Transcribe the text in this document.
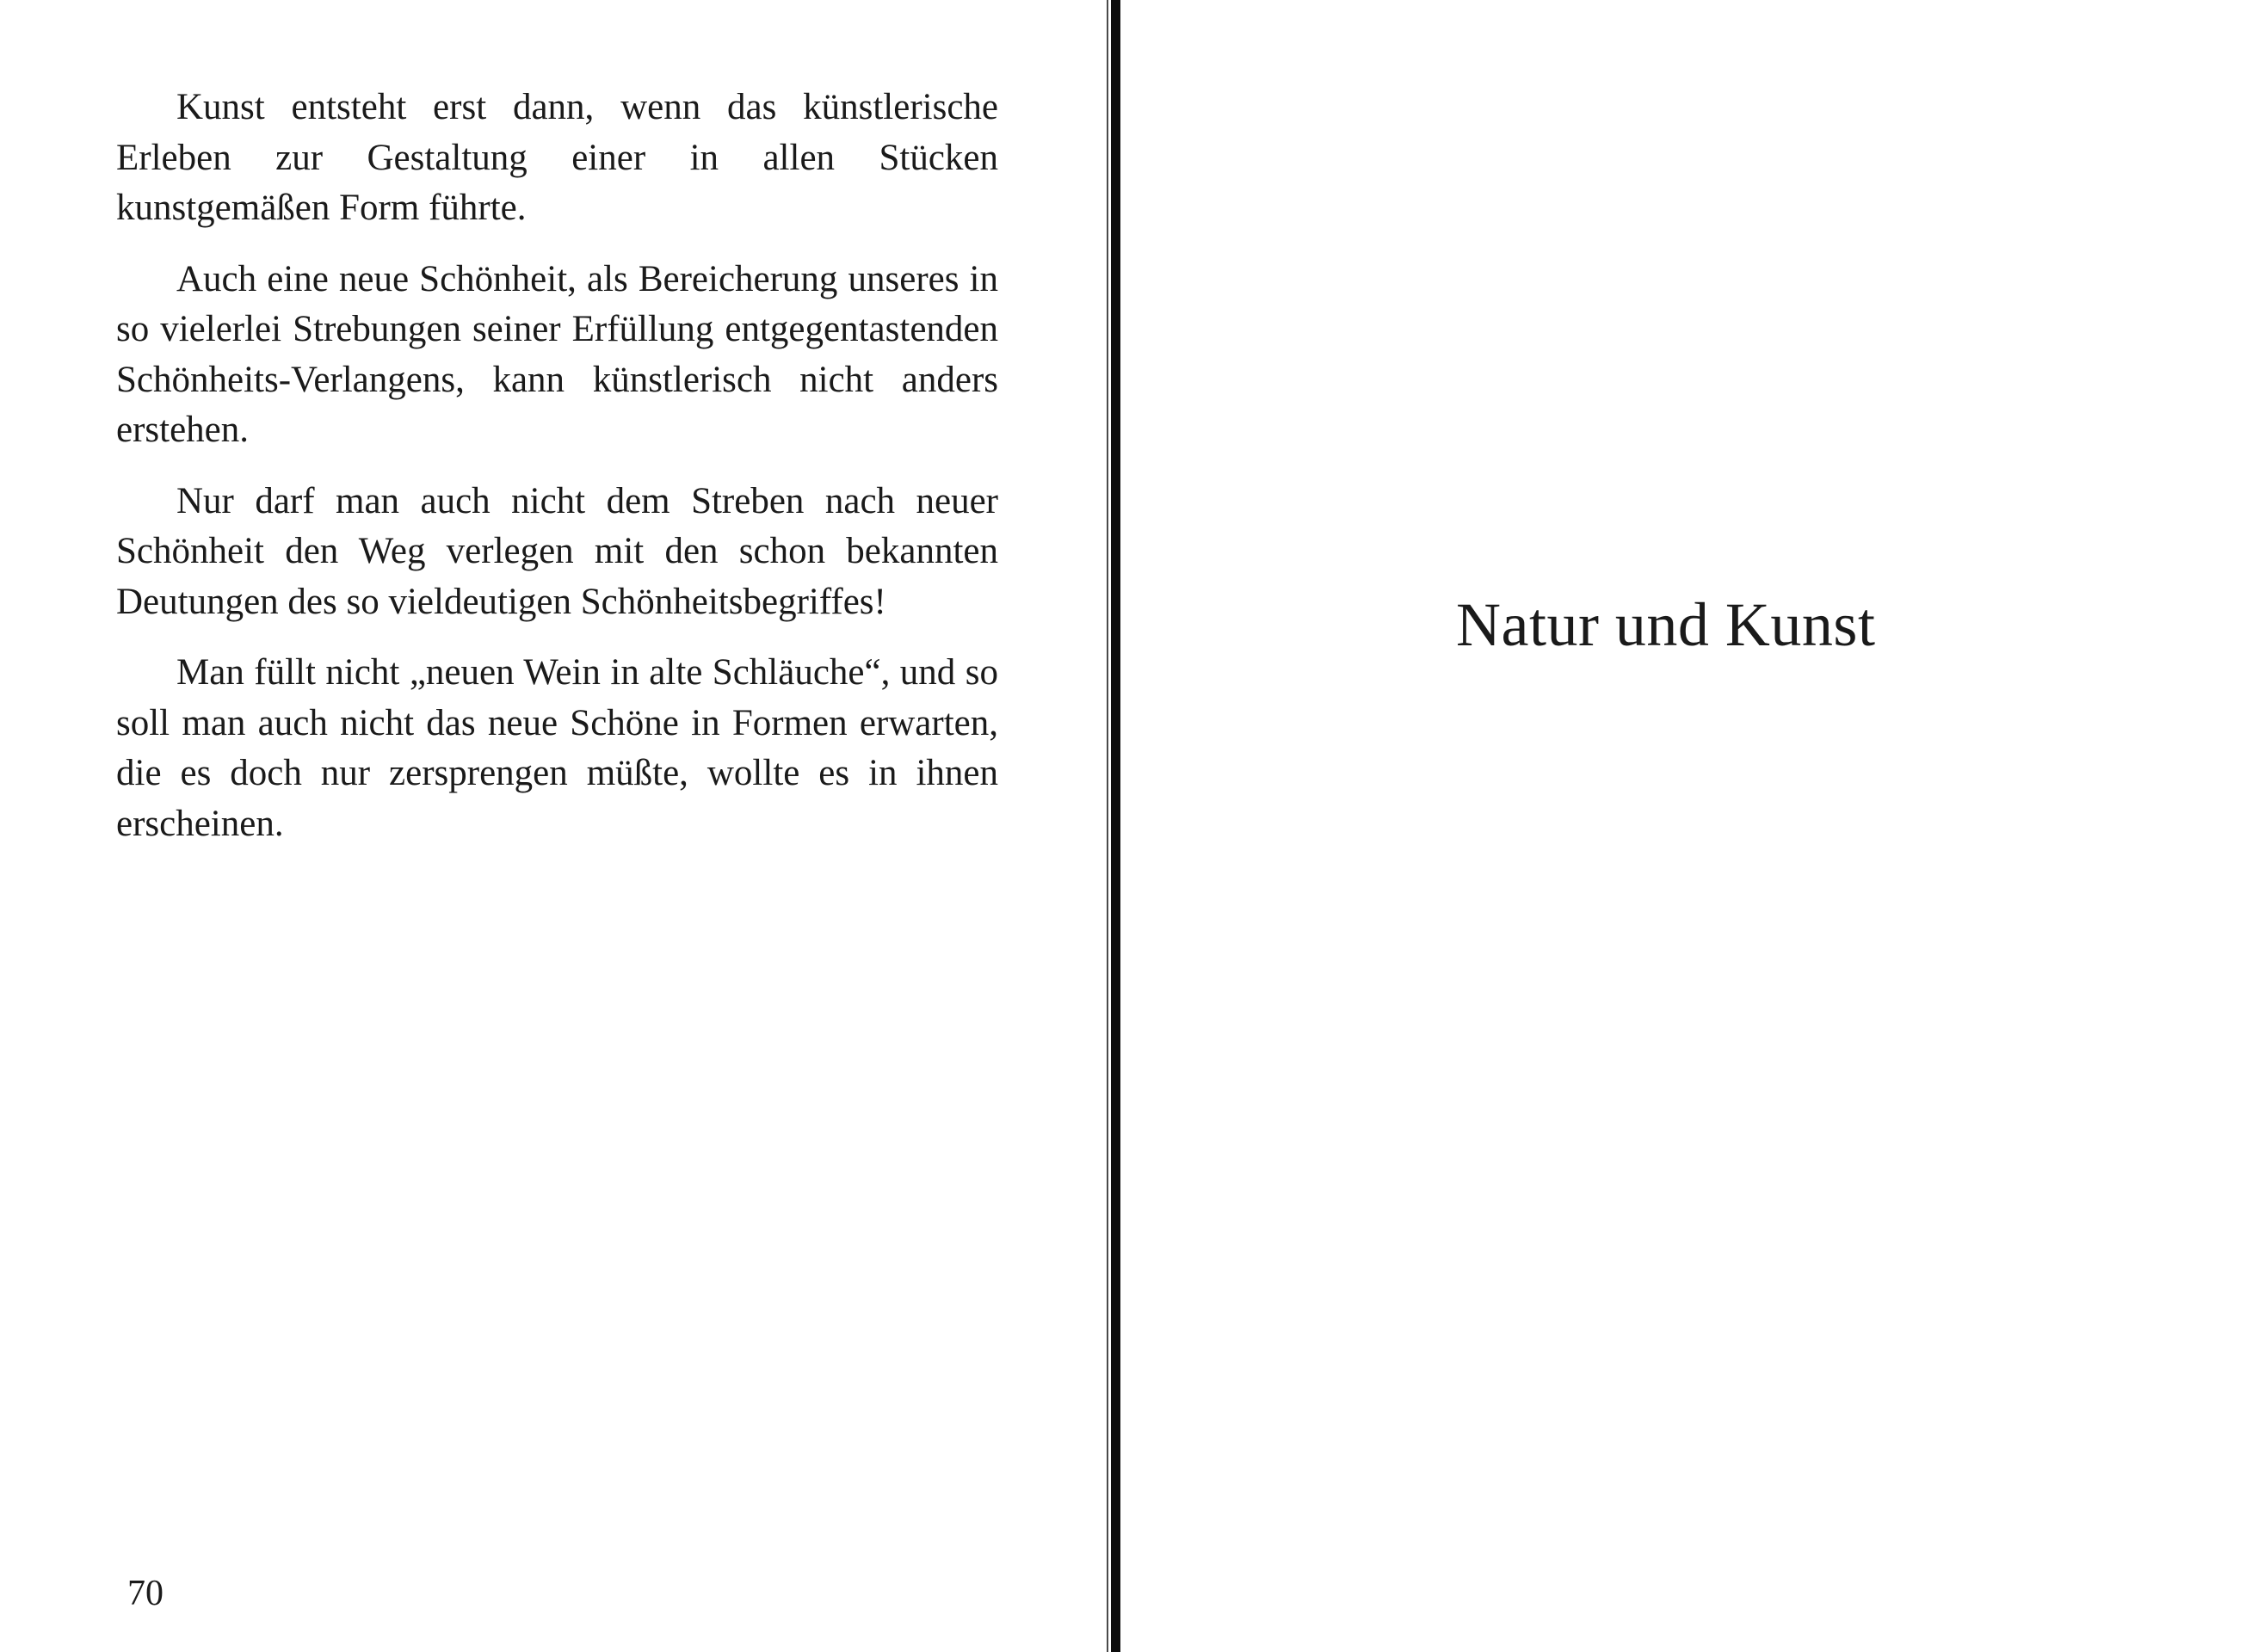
Kunst entsteht erst dann, wenn das künstlerische Erleben zur Gestaltung einer in allen Stücken kunstgemäßen Form führte.

Auch eine neue Schönheit, als Bereicherung unseres in so vielerlei Strebungen seiner Erfüllung entgegentastenden Schönheits-Verlangens, kann künstlerisch nicht anders erstehen.

Nur darf man auch nicht dem Streben nach neuer Schönheit den Weg verlegen mit den schon bekannten Deutungen des so vieldeutigen Schönheitsbegriffes!

Man füllt nicht „neuen Wein in alte Schläuche“, und so soll man auch nicht das neue Schöne in Formen erwarten, die es doch nur zersprengen müßte, wollte es in ihnen erscheinen.

70
Natur und Kunst
